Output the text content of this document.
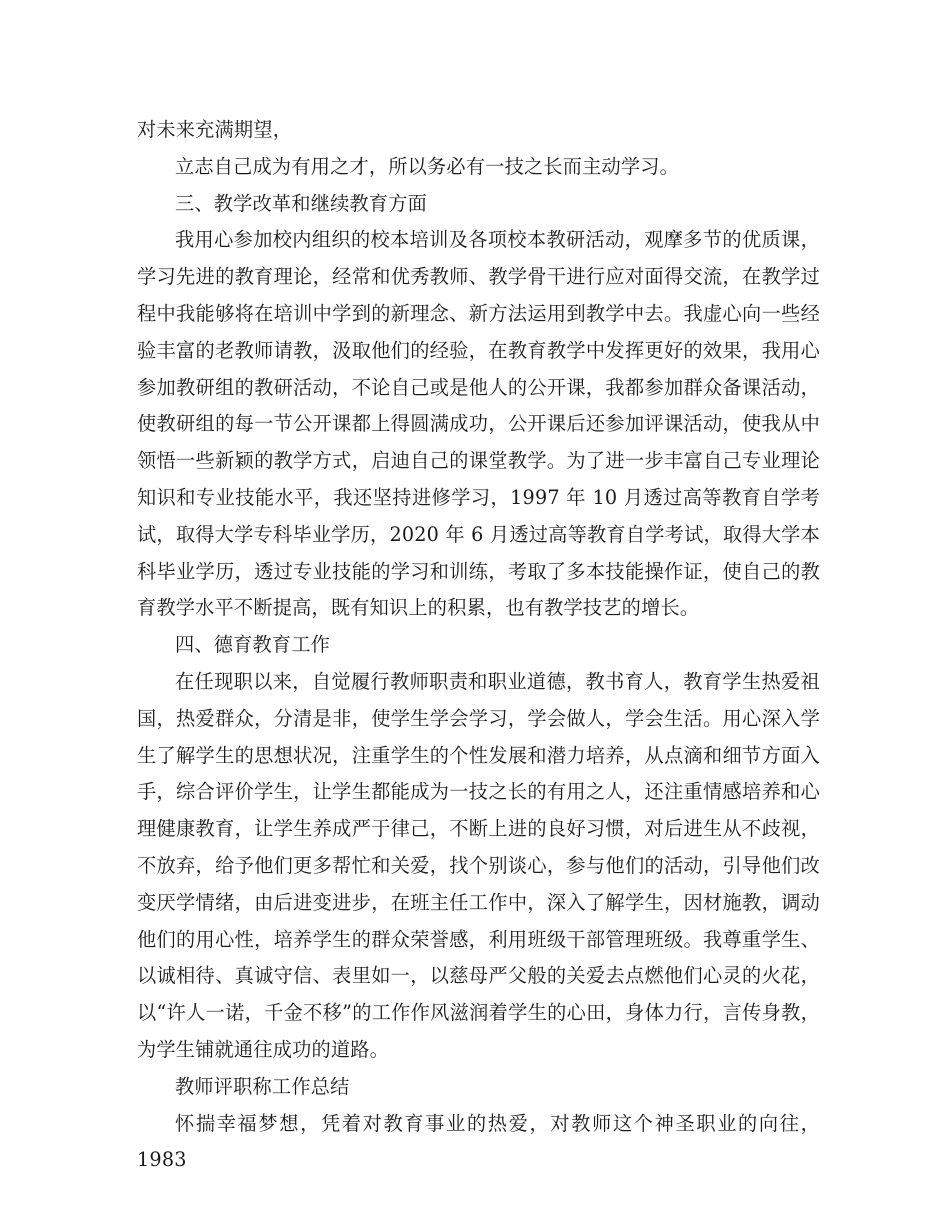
对未来充满期望，

立志自己成为有用之才，所以务必有一技之长而主动学习。

三、教学改革和继续教育方面

我用心参加校内组织的校本培训及各项校本教研活动，观摩多节的优质课，学习先进的教育理论，经常和优秀教师、教学骨干进行应对面得交流，在教学过程中我能够将在培训中学到的新理念、新方法运用到教学中去。我虚心向一些经验丰富的老教师请教，汲取他们的经验，在教育教学中发挥更好的效果，我用心参加教研组的教研活动，不论自己或是他人的公开课，我都参加群众备课活动，使教研组的每一节公开课都上得圆满成功，公开课后还参加评课活动，使我从中领悟一些新颖的教学方式，启迪自己的课堂教学。为了进一步丰富自己专业理论知识和专业技能水平，我还坚持进修学习，1997 年 10 月透过高等教育自学考试，取得大学专科毕业学历，2020 年 6 月透过高等教育自学考试，取得大学本科毕业学历，透过专业技能的学习和训练，考取了多本技能操作证，使自己的教育教学水平不断提高，既有知识上的积累，也有教学技艺的增长。

四、德育教育工作

在任现职以来，自觉履行教师职责和职业道德，教书育人，教育学生热爱祖国，热爱群众，分清是非，使学生学会学习，学会做人，学会生活。用心深入学生了解学生的思想状况，注重学生的个性发展和潜力培养，从点滴和细节方面入手，综合评价学生，让学生都能成为一技之长的有用之人，还注重情感培养和心理健康教育，让学生养成严于律己，不断上进的良好习惯，对后进生从不歧视，不放弃，给予他们更多帮忙和关爱，找个别谈心，参与他们的活动，引导他们改变厌学情绪，由后进变进步，在班主任工作中，深入了解学生，因材施教，调动他们的用心性，培养学生的群众荣誉感，利用班级干部管理班级。我尊重学生、以诚相待、真诚守信、表里如一，以慈母严父般的关爱去点燃他们心灵的火花，以“许人一诺，千金不移”的工作作风滋润着学生的心田，身体力行，言传身教，为学生铺就通往成功的道路。

教师评职称工作总结

怀揣幸福梦想，凭着对教育事业的热爱，对教师这个神圣职业的向往，1983
